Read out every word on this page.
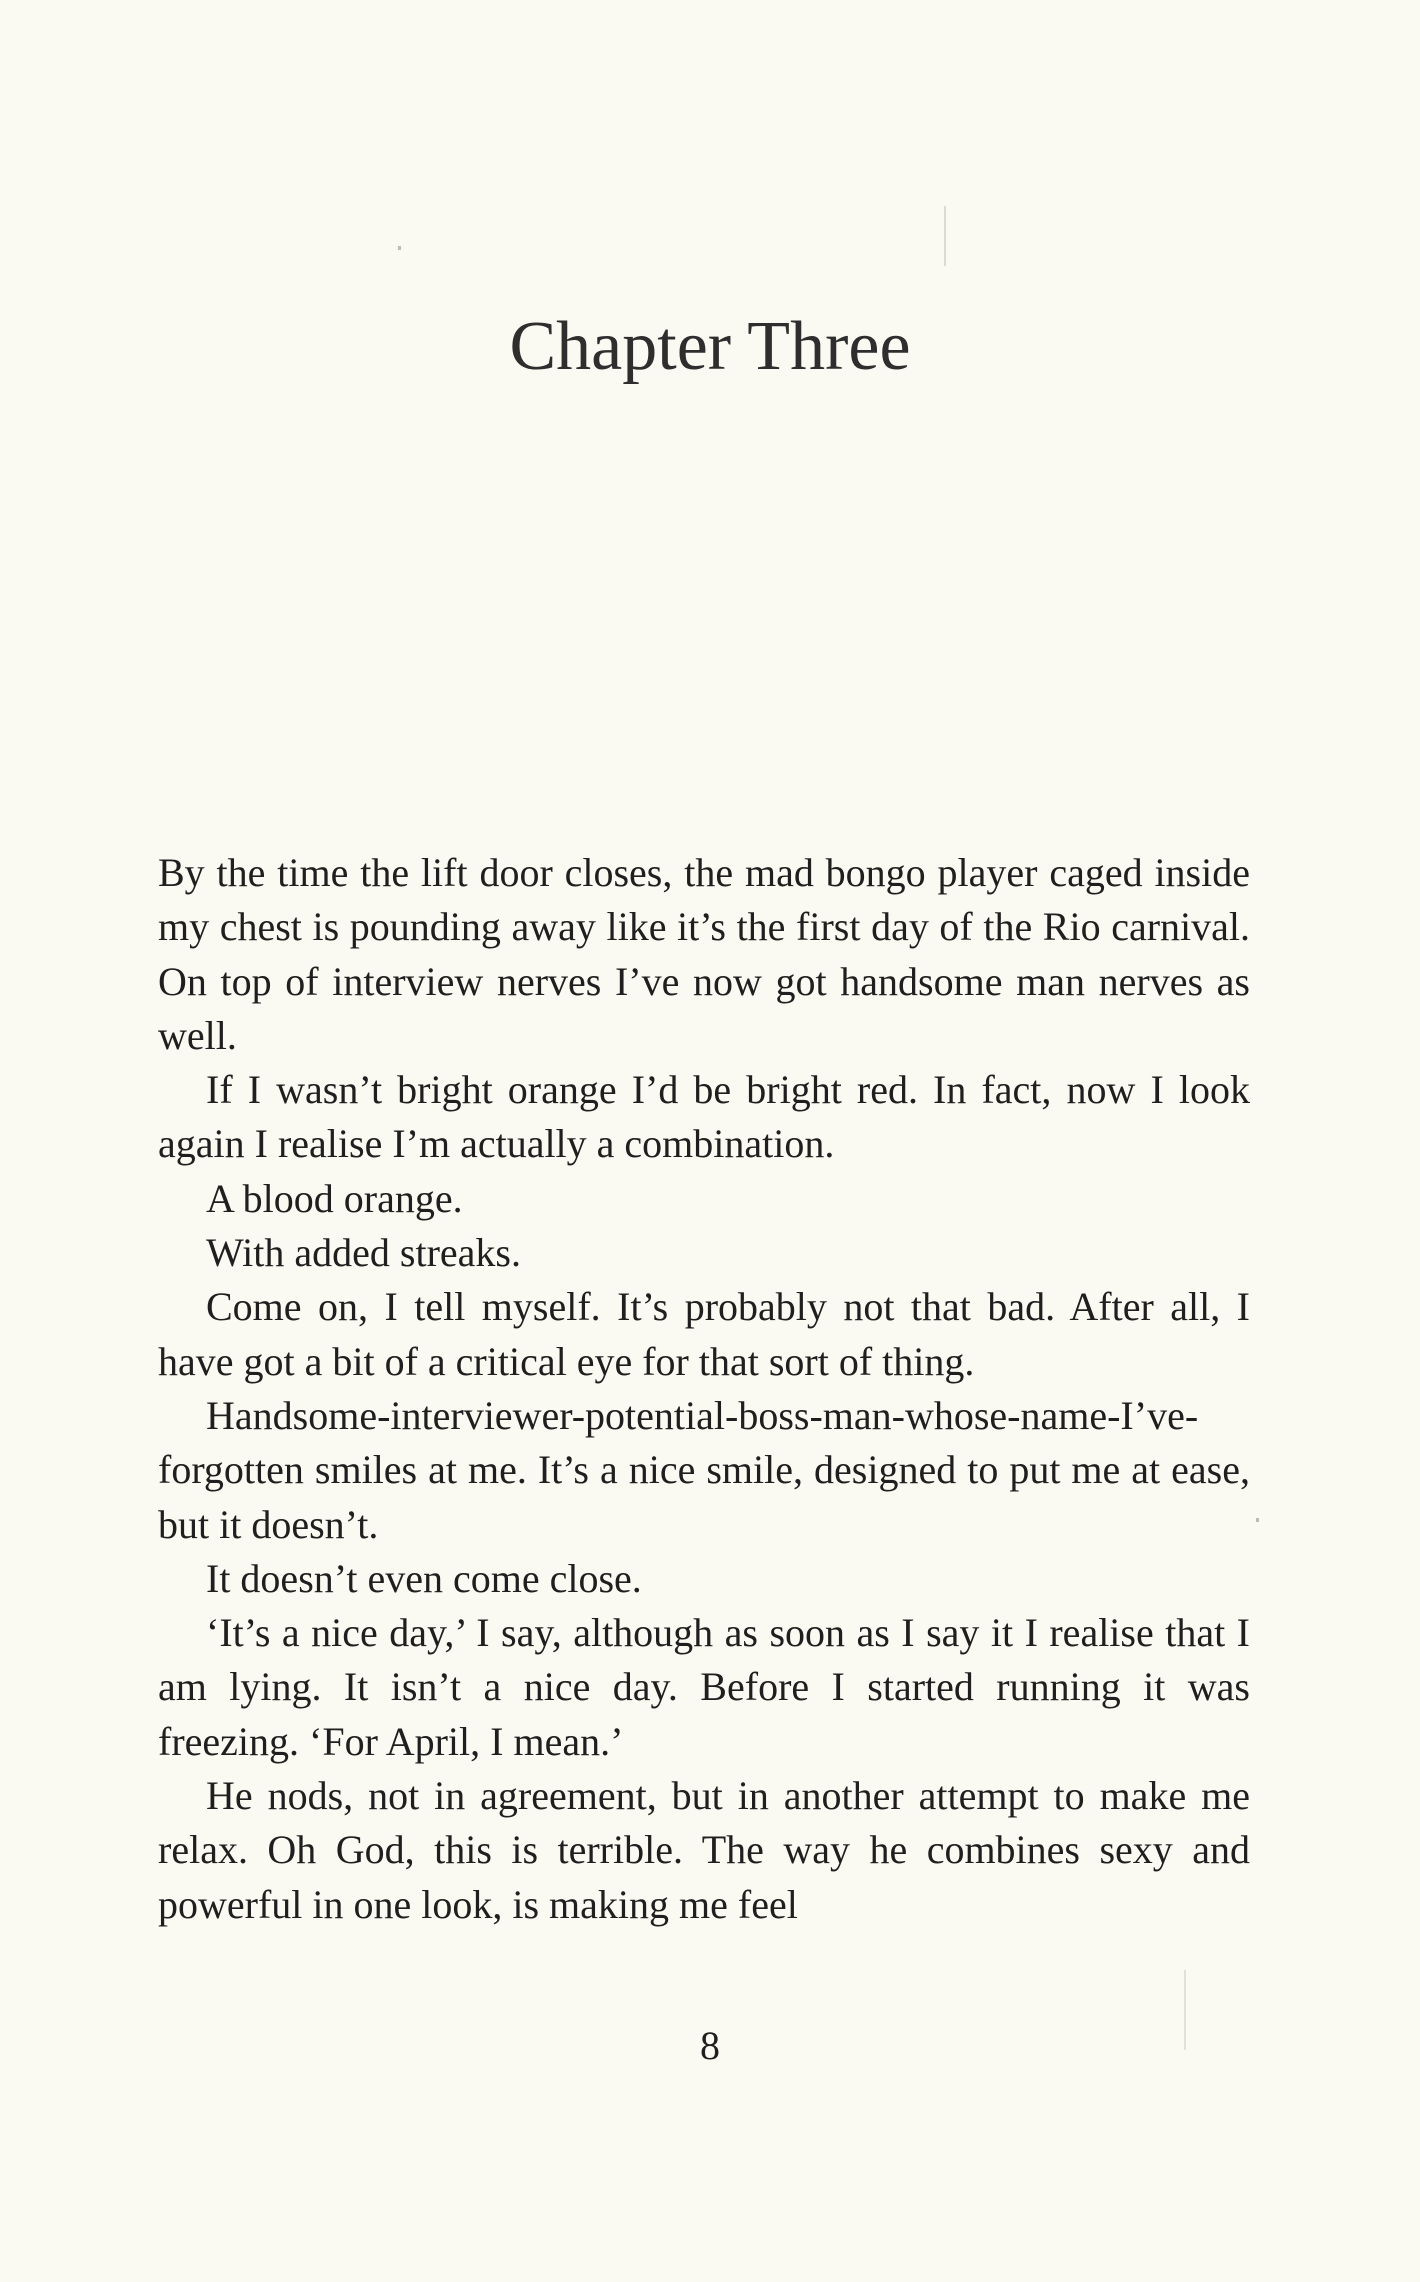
Chapter Three

By the time the lift door closes, the mad bongo player caged inside my chest is pounding away like it’s the first day of the Rio carnival. On top of interview nerves I’ve now got handsome man nerves as well.

If I wasn’t bright orange I’d be bright red. In fact, now I look again I realise I’m actually a combination.

A blood orange.

With added streaks.

Come on, I tell myself. It’s probably not that bad. After all, I have got a bit of a critical eye for that sort of thing.

Handsome-interviewer-potential-boss-man-whose-name-I’ve-forgotten smiles at me. It’s a nice smile, designed to put me at ease, but it doesn’t.

It doesn’t even come close.

‘It’s a nice day,’ I say, although as soon as I say it I realise that I am lying. It isn’t a nice day. Before I started running it was freezing. ‘For April, I mean.’

He nods, not in agreement, but in another attempt to make me relax. Oh God, this is terrible. The way he combines sexy and powerful in one look, is making me feel

8
